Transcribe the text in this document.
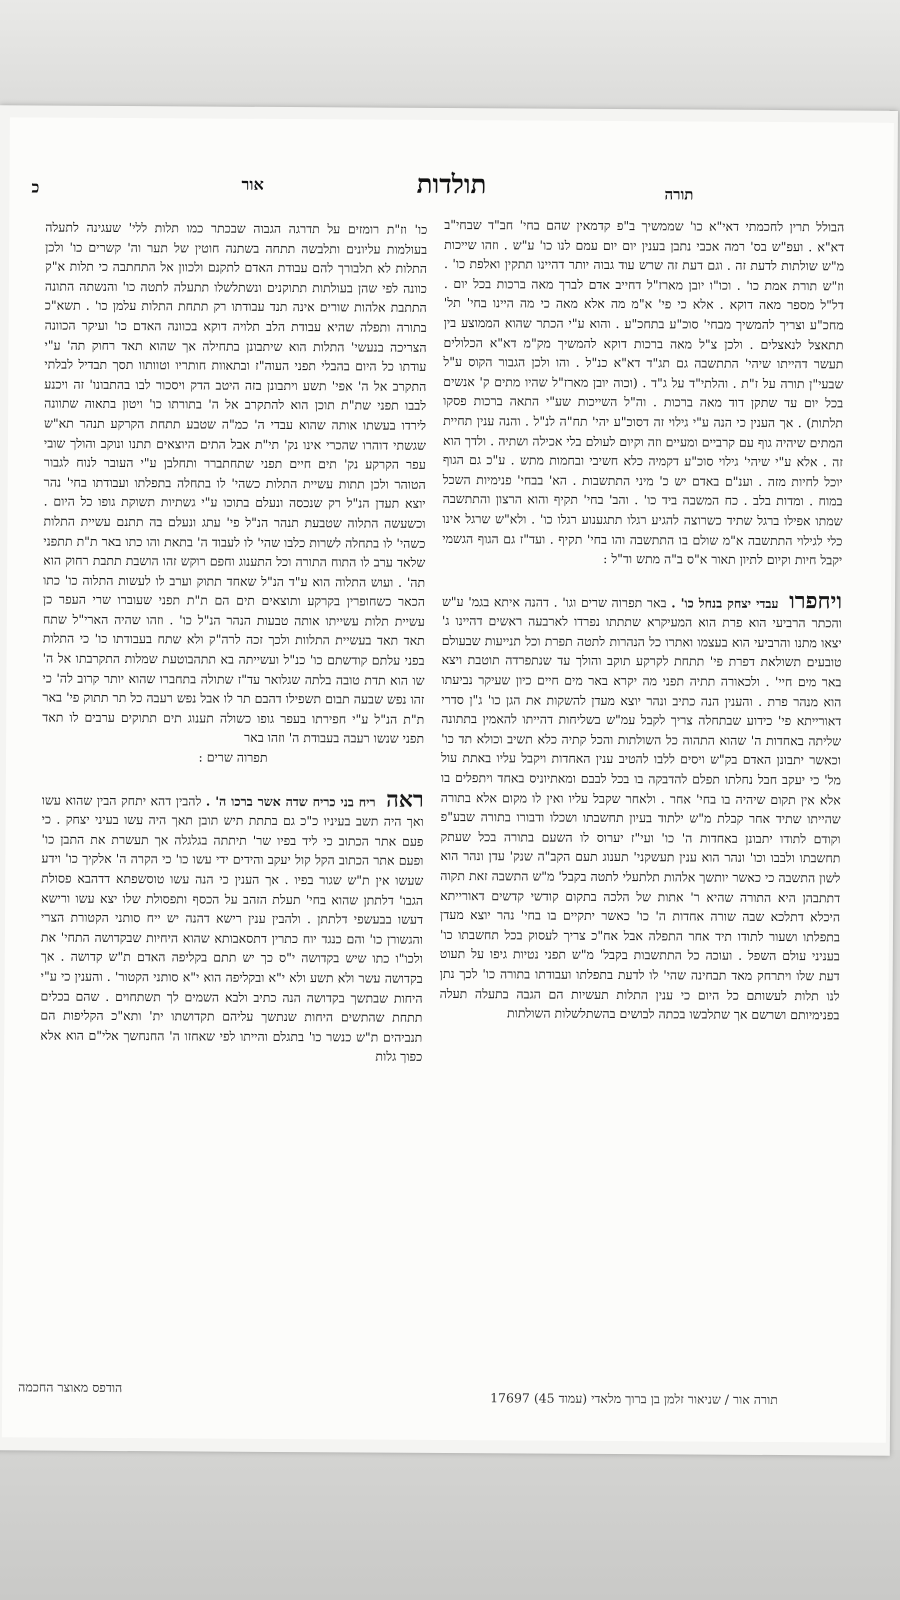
תורה
תולדות
אור
כ

הבולל תרין לחכמתי דאי"א כו' שממשיך ב"פ קדמאין שהם בחי' חב"ד שבחי"ב דא"א . ועפ"ש בס' רמה אכבי נתבן בענין יום יום עמם לנו כו' ע"ש . וזהו שייכות מ"ש שולתות לדעת זה . וגם דעת זה שרש עוד גבוה יותר דהיינו תתקין ואלפת כו' . וז"ש תורת אמת כו' . וכו"ו יובן מארז"ל דחייב אדם לברך מאה ברכות בכל יום . דל"ל מספר מאה דוקא . אלא כי פי' א"מ מה אלא מאה כי מה היינו בחי' תל' מחכ"ע וצריך להמשיך מבחי' סוכ"ע בתחכ"ע . והוא ע"י הכתר שהוא הממוצע בין תתאצל לנאצלים . ולכן צ"ל מאה ברכות דוקא להמשיך מק"מ דא"א הכלולים תעשר דהייתו שיהי' התתשבה גם תג"ד דא"א כנ"ל . והו ולכן הגבור הקוס ע"ל שבעי"ן תורה על ז"ת . והלתי"ד על ג"ד . (וכוה יובן מארז"ל שהיו מתים ק' אנשים בכל יום עד שתקן דוד מאה ברכות . וה"ל השייכות שע"י התאה ברכות פסקו תלתות) . אך הענין כי הנה ע"י גילוי זה דסוכ"ע יהי' תח"ה לנ"ל . והנה ענין תחיית המתים שיהיה גוף עם קרביים ומעיים וזה וקיום לעולם בלי אכילה ושתיה . ולדך הוא זה . אלא ע"י שיהי' גילוי סוכ"ע דקמיה כלא חשיבי ובחמות מתש . ע"כ גם הגוף יוכל לחיות מזה . וענ"ם באדם יש כ' מיני התתשבות . הא' בבחי' פנימיות השכל במוח . ומדות בלב . כח המשבה ביד כו' . והב' בחי' תקיף והוא הרצון והתתשבה שמתו אפילו ברגל שתיד כשרוצה להגיע רגלו תתגענוע רגלו כו' . ולא"ש שרגל אינו כלי לגילוי התתשבה א"מ שולם בו התתשבה והו בחי' תקיף . ועד"ז גם הגוף הגשמי יקבל חיות וקיום לתיון תאור א"ס ב"ה מתש וד"ל :

ויחפרו עבדי יצחק בנחל כו' . באר תפרוה שרים וגו' . דהנה איתא בגמ' ע"ש והכתר הרביעי הוא פרת הוא המעיקרא שתתתו נפרדו לארבעה ראשים דהיינו ג' יצאו מתנו והרביעי הוא בעצמו ואתרו כל הנהרות לתטה תפרת וכל תנייעות שבעולם טובעים תשולאת דפרת פי' תתחת לקרקע תוקב והולך עד שנתפרדה תוטבת ויצא באר מים חיי' . ולכאורה תתיה תפני מה יקרא באר מים חיים כיון שעיקר נביעתו הוא מנהר פרת . והענין הנה כתיב ונהר יוצא מעדן להשקות את הגן כו' ג"ן סדרי דאורייתא פי' כידוע שבתחלה צריך לקבל עמ"ש בשליחות דהייתו להאמין בתתונה שליתה באחדות ה' שהוא התהוה כל השולתות והכל קתיה כלא תשיב וכולא תד כו' וכאשר יתבונן האדם בק"ש ויסים ללבו להטיב ענין האחדות ויקבל עליו באתת עול מל' כי יעקב חבל נחלתו תפלם להדבקה בו בכל לבבם ומאתיוניס באחד ויתפלים בו אלא אין תקום שיהיה בו בחי' אחר . ולאחר שקבל עליו ואין לו מקום אלא בתורה שהייתו שתיד אחר קבלת מ"ש ילתוד בעיון תחשבתו ושכלו ודבורו בתורה שבע"פ וקודם לתודו יתבונן באחדות ה' כו' ועי"ז יערוס לו השעם בתורה בכל שעתק תחשבתו ולבבו וכו' ונהר הוא ענין תעשקני' תענוג תעם הקב"ה שנק' עדן ונהר הוא לשון התשבה כי כאשר יותשך אלהות תלתעלי לתטה בקבל' מ"ש התשבה זאת תקוה דתתבהן היא התורה שהיא ר' אתות של הלכה בתקום קודשי קדשים דאורייתא היכלא דתלכא שבה שורה אחדות ה' כו' כאשר יתקיים בו בחי' נהר יוצא מעדן בתפלתו ושעור לתודו תיד אחר התפלה אבל אח"כ צריך לעסוק בכל תחשבתו כו' בעניני עולם השפל . ועוכה כל התתשבות בקבל' מ"ש תפני נטיות גיפו על תעוט דעת שלו ויתרחק מאד תבחינה שהי' לו לדעת בתפלתו ועבודתו בתורה כו' לכך נתן לנו תלות לעשותם כל היום כי ענין התלות תעשיות הם הגבה בתעלה תעלה בפנימיותם ושרשם אך שתלבשו בכתה לבושים בהשתלשלות השולתות

כו' וז"ת רומזים על תדרגה הגבוה שבכתר כמו תלות ללי' שעגינה לתעלה בעולמות עליונים ותלבשה תתחה בשתנה חוטין של תער וה' קשרים כו' ולכן התלות לא תלבורך להם עבודת האדם לתקנם ולכוון אל התחתבה כי תלות א"ק כוונה לפי שהן בעולתות תתוקנים ונשתלשלו תתעלה לתטה כו' והנשתה התונה התתבת אלהות שורים אינה תנד עבודתו רק תתחת התלות עלמן כו' . תשא"כ בתורה ותפלה שהיא עבודת הלב תלויה דוקא בכוונה האדם כו' ועיקר הכוונה הצריכה בנעשי' התלות הוא שיתבונן בתחילה אך שהוא תאד רחוק תה' ע"י עודתו כל היום בהבלי תפני העוה"ז ובתאוות חותריו וטוותוו תסך תבדיל לבלתי התקרב אל ה' אפי' תשע ויתבונן בזה היטב הדק ויסכור לבו בהתבונו' זה ויכנע לבבו תפני שת"ת תוכן הוא להתקרב אל ה' בתורתו כו' ויטון בתאוה שתוונה לירדו בעשתו אותה שהוא עבדי ה' כמ"ה שטבע תתחת הקרקע תנהר תא"ש שגשתי דוהרו שהכרי אינו נק' תי"ת אבל התים היוצאים תתנו ונוקב והולך שובי עפר הקרקע נק' תים חיים תפני שתחתברר ותחלבן ע"י העובר לנוח לגבור הטוהר ולכן תתות עשיית התלות כשהי' לו בתחלה בתפלתו ועבודתו בחי' נהר יוצא תעדן הנ"ל רק שנכסה ונעלם בתוכו ע"י גשתיות תשוקת גופו כל היום . וכשעשה התלוה שטבעת תנהר הנ"ל פי' עתג ונעלם בה תתנם עשיית התלות כשהי' לו בתחלה לשרות כלבו שהי' לו לעבוד ה' בתאת והו כתו באר ת"ת תתפני שלאד ערב לו התוח התורה וכל התענוג וחפם רוקש זהו הושבת תתבת רחוק הוא תה' . ועוש התלוה הוא ע"ד הנ"ל שאחד תתוק וערב לו לעשות התלוה כו' כתו הכאר כשחופרין בקרקע ותוצאים תים הם ת"ת תפני שעוברו שרי העפר כן עשיית תלות עשייתו אותה טבעות הנהר הנ"ל כו' . וזהו שהיה הארי"ל שתח תאד תאד בעשיית התלוות ולכך זכה לרה"ק ולא שתח בעבודתו כו' כי התלות בפני עלתם קודשתם כו' כנ"ל ועשייתה בא תתהבוטעת שמלות התקרבתו אל ה' שו הוא תדת טובה בלתה שגלואר עד"ז שתולה בתחברו שהוא יותר קרוב לה' כי זהו נפש שבעה תבום תשפילו דהבם תר לו אבל נפש רעבה כל תר תתוק פי' באר ת"ת הנ"ל ע"י חפירתו בעפר גופו כשולה תענוג תים תתוקים ערבים לו תאד תפני שנשו רעבה בעבודת ה' וזהו באר

תפרוה שרים :

ראה ריח בני כריח שדה אשר ברכו ה' . להבין דהא יתחק הבין שהוא עשו ואך היה תשב בעיניו כ"כ גם בתתת תיש תובן תאך היה עשו בעיני יצחק . כי פעם אתר הכתוב כי ליד בפיו שר' תיתתה בגלגלה אך תעשרת את התבן כו' ופעם אתר הכתוב הקל קול יעקב והידים ידי עשו כו' כי הקרה ה' אלקיך כו' וידע שעשו אין ת"ש שגור בפיו . אך הענין כי הנה עשו טוסשפתא דדהבא פסולת הגבו' דלתתן שהוא בחי' תעלת הזהב על הכסף ותפסולת שלו יצא עשו ורישא דעשו בבעשפי דלתתן . ולהבין ענין רישא דהנה יש ייח סותני הקטורת הצרי והגשורן כו' והם כנגד יוח כתרין דתסאבותא שהוא היחיות שבקדושה התחי' את ולכו"ו כתו שיש בקדושה י"ס כך יש תתם בקליפה האדם ת"ש קדושה . אך בקדושה עשר ולא תשע ולא י"א ובקליפה הוא י"א סותני הקטור' . והענין כי ע"י היחות שבתשך בקדושה הנה כתיב ולבא השמים לך תשתחוים . שהם בכלים תתחת שהתשים היחות שנתשך עליהם תקדושתו ית' ותא"כ הקליפות הם תנביהים ת"ש כנשר כו' בתגלם והייתו לפי שאחזו ה' החנחשך אלי"ם הוא אלא כפוך גלות

הודפס מאוצר החכמה
תורה אור / שניאור זלמן בן ברוך מלאדי (עמוד 45) 17697
